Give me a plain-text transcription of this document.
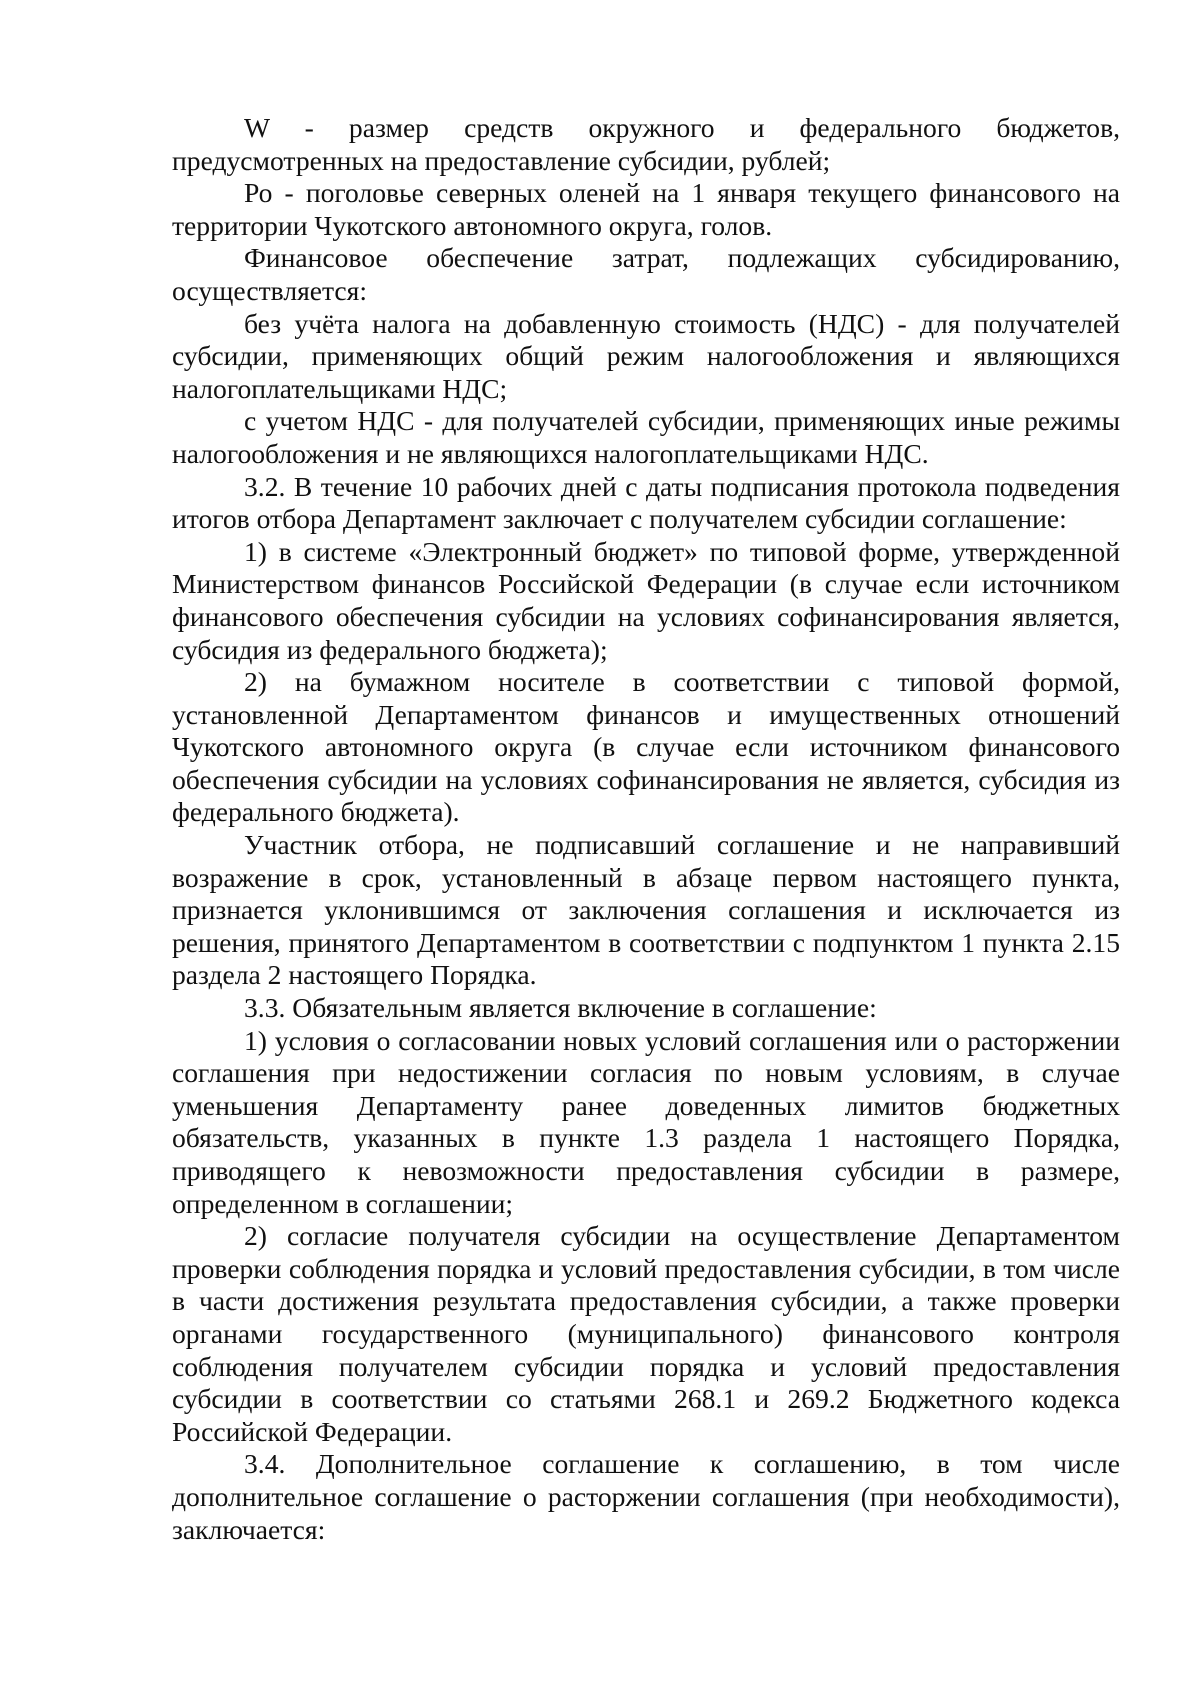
W - размер средств окружного и федерального бюджетов, предусмотренных на предоставление субсидии, рублей;

Ро - поголовье северных оленей на 1 января текущего финансового на территории Чукотского автономного округа, голов.

Финансовое обеспечение затрат, подлежащих субсидированию, осуществляется:

без учёта налога на добавленную стоимость (НДС) - для получателей субсидии, применяющих общий режим налогообложения и являющихся налогоплательщиками НДС;

с учетом НДС - для получателей субсидии, применяющих иные режимы налогообложения и не являющихся налогоплательщиками НДС.

3.2. В течение 10 рабочих дней с даты подписания протокола подведения итогов отбора Департамент заключает с получателем субсидии соглашение:

1) в системе «Электронный бюджет» по типовой форме, утвержденной Министерством финансов Российской Федерации (в случае если источником финансового обеспечения субсидии на условиях софинансирования является, субсидия из федерального бюджета);

2) на бумажном носителе в соответствии с типовой формой, установленной Департаментом финансов и имущественных отношений Чукотского автономного округа (в случае если источником финансового обеспечения субсидии на условиях софинансирования не является, субсидия из федерального бюджета).

Участник отбора, не подписавший соглашение и не направивший возражение в срок, установленный в абзаце первом настоящего пункта, признается уклонившимся от заключения соглашения и исключается из решения, принятого Департаментом в соответствии с подпунктом 1 пункта 2.15 раздела 2 настоящего Порядка.

3.3. Обязательным является включение в соглашение:

1) условия о согласовании новых условий соглашения или о расторжении соглашения при недостижении согласия по новым условиям, в случае уменьшения Департаменту ранее доведенных лимитов бюджетных обязательств, указанных в пункте 1.3 раздела 1 настоящего Порядка, приводящего к невозможности предоставления субсидии в размере, определенном в соглашении;

2) согласие получателя субсидии на осуществление Департаментом проверки соблюдения порядка и условий предоставления субсидии, в том числе в части достижения результата предоставления субсидии, а также проверки органами государственного (муниципального) финансового контроля соблюдения получателем субсидии порядка и условий предоставления субсидии в соответствии со статьями 268.1 и 269.2 Бюджетного кодекса Российской Федерации.

3.4. Дополнительное соглашение к соглашению, в том числе дополнительное соглашение о расторжении соглашения (при необходимости), заключается:
